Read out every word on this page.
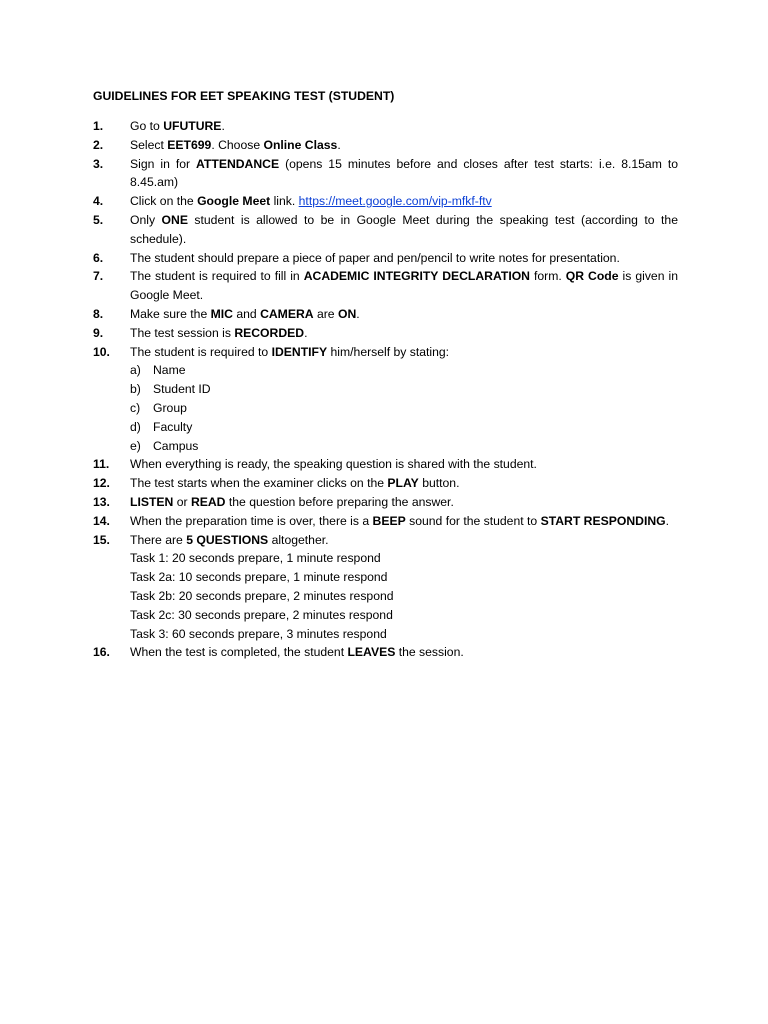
GUIDELINES FOR EET SPEAKING TEST (STUDENT)
1. Go to UFUTURE.
2. Select EET699. Choose Online Class.
3. Sign in for ATTENDANCE (opens 15 minutes before and closes after test starts: i.e. 8.15am to 8.45.am)
4. Click on the Google Meet link. https://meet.google.com/vip-mfkf-ftv
5. Only ONE student is allowed to be in Google Meet during the speaking test (according to the schedule).
6. The student should prepare a piece of paper and pen/pencil to write notes for presentation.
7. The student is required to fill in ACADEMIC INTEGRITY DECLARATION form. QR Code is given in Google Meet.
8. Make sure the MIC and CAMERA are ON.
9. The test session is RECORDED.
10. The student is required to IDENTIFY him/herself by stating:
a) Name
b) Student ID
c) Group
d) Faculty
e) Campus
11. When everything is ready, the speaking question is shared with the student.
12. The test starts when the examiner clicks on the PLAY button.
13. LISTEN or READ the question before preparing the answer.
14. When the preparation time is over, there is a BEEP sound for the student to START RESPONDING.
15. There are 5 QUESTIONS altogether.
Task 1: 20 seconds prepare, 1 minute respond
Task 2a: 10 seconds prepare, 1 minute respond
Task 2b: 20 seconds prepare, 2 minutes respond
Task 2c: 30 seconds prepare, 2 minutes respond
Task 3: 60 seconds prepare, 3 minutes respond
16. When the test is completed, the student LEAVES the session.
